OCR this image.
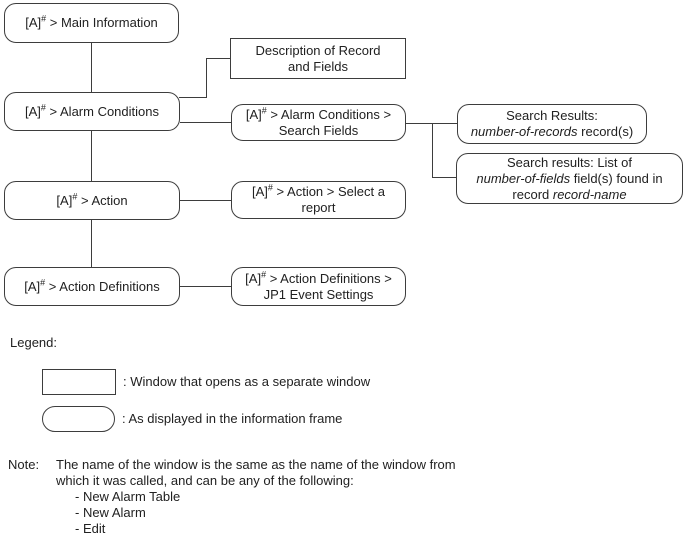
[A]# > Main Information
[A]# > Alarm Conditions
[A]# > Action
[A]# > Action Definitions
Description of Record
and Fields
[A]# > Alarm Conditions >
Search Fields
[A]# > Action > Select a
report
[A]# > Action Definitions >
JP1 Event Settings
Search Results:
number-of-records record(s)
Search results: List of
number-of-fields field(s) found in
record record-name
Legend:
: Window that opens as a separate window
: As displayed in the information frame
Note:	The name of the window is the same as the name of the window from
which it was called, and can be any of the following:
- New Alarm Table
- New Alarm
- Edit
